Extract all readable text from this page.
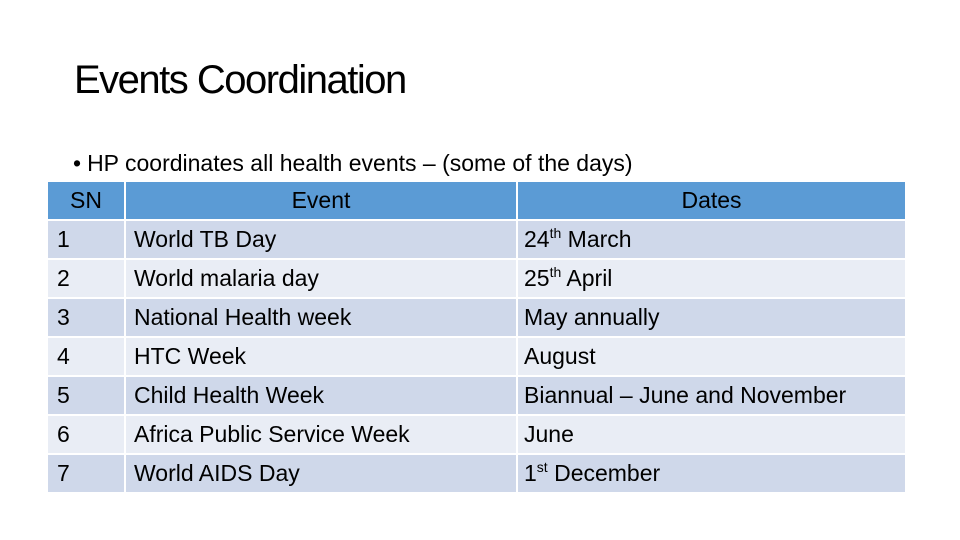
Events Coordination
• HP coordinates all health events – (some of the days)
SN	Event	Dates
1	World TB Day	24th March
2	World malaria day	25th April
3	National Health week	May annually
4	HTC Week	August
5	Child Health Week	Biannual – June and November
6	Africa Public Service Week	June
7	World AIDS Day	1st December
